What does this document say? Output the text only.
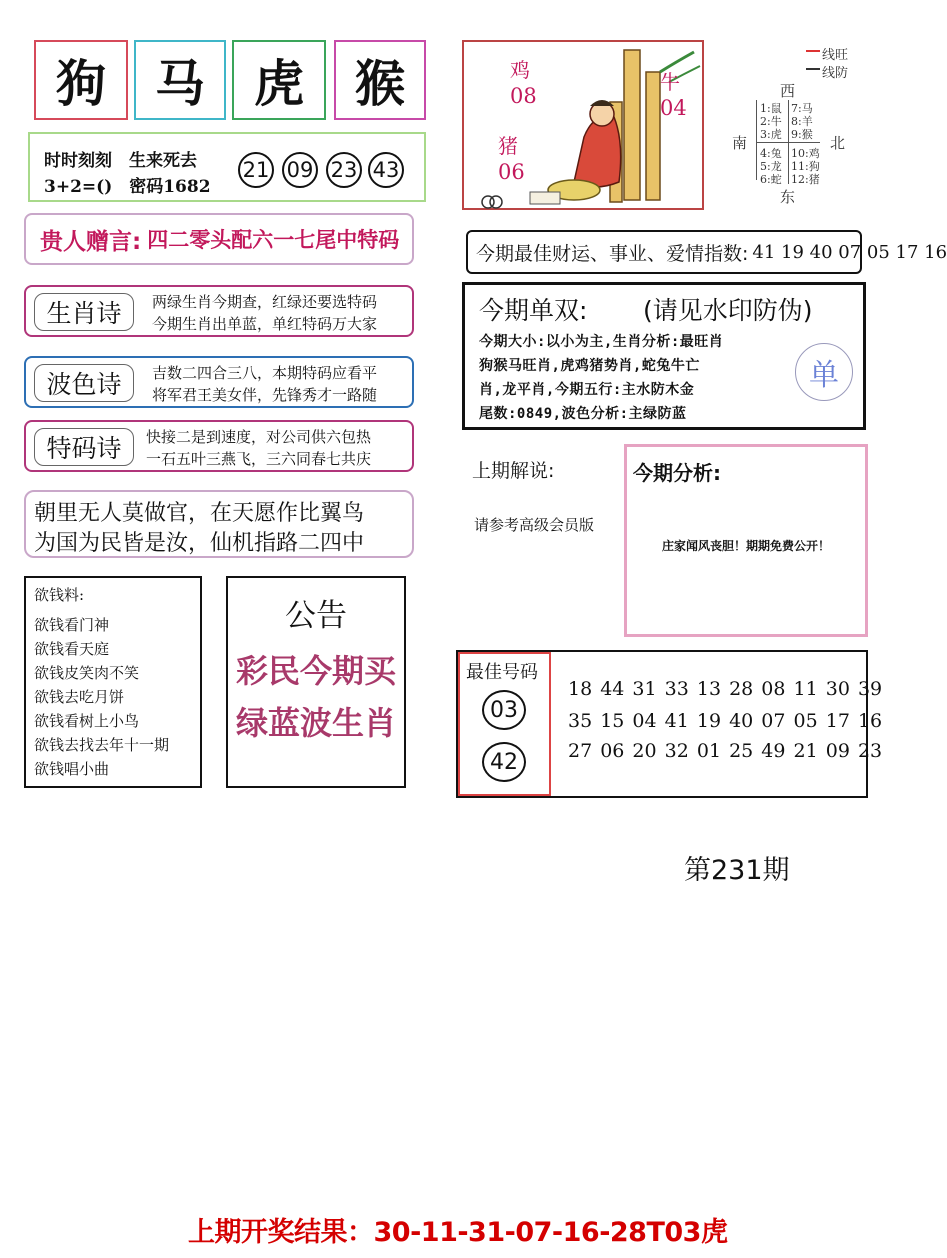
狗 马 虎 猴
时时刻刻　生来死去
3+2=()　密码1682
21 09 23 43
贵人赠言: 四二零头配六一七尾中特码
生肖诗	两绿生肖今期查，红绿还要选特码
今期生肖出单蓝，单红特码万大家
波色诗	吉数二四合三八，本期特码应看平
将军君王美女伴，先锋秀才一路随
特码诗	快接二是到速度，对公司供六包热
一石五叶三燕飞，三六同春七共庆
朝里无人莫做官，在天愿作比翼鸟
为国为民皆是汝，仙机指路二四中
欲钱料:
欲钱看门神
欲钱看天庭
欲钱皮笑肉不笑
欲钱去吃月饼
欲钱看树上小鸟
欲钱去找去年十一期
欲钱唱小曲
公告
彩民今期买
绿蓝波生肖
鸡
08
猪
06
牛
04
线旺
线防
西
南	北
东
1:鼠
2:牛
3:虎
4:兔
5:龙
6:蛇
7:马
8:羊
9:猴
10:鸡
11:狗
12:猪
今期最佳财运、事业、爱情指数: 41 19 40 07 05 17 16
今期单双: (请见水印防伪)
今期大小:以小为主,生肖分析:最旺肖
狗猴马旺肖,虎鸡猪势肖,蛇兔牛亡
肖,龙平肖,今期五行:主水防木金
尾数:0849,波色分析:主绿防蓝
单
上期解说:
请参考高级会员版
今期分析:
庄家闻风丧胆！期期免费公开！
最佳号码
03
42
18 44 31 33 13 28 08 11 30 39
35 15 04 41 19 40 07 05 17 16
27 06 20 32 01 25 49 21 09 23
第231期
上期开奖结果：30-11-31-07-16-28T03虎
